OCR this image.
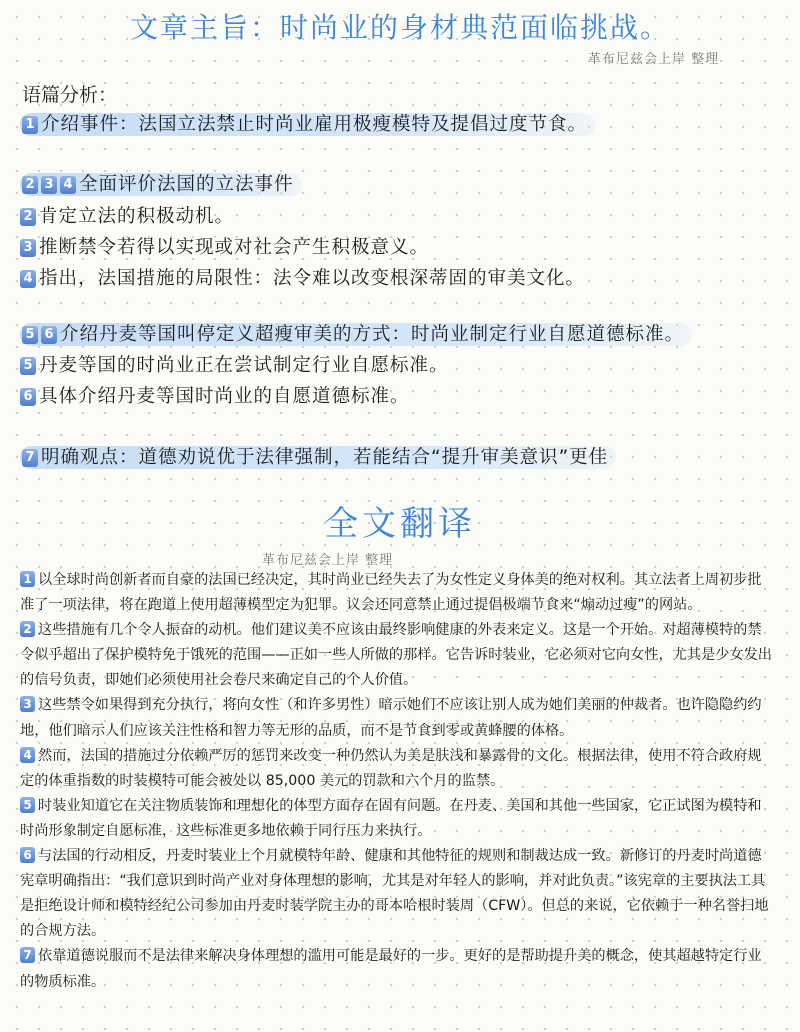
文章主旨：时尚业的身材典范面临挑战。
革布尼兹会上岸 整理
语篇分析：
1 介绍事件：法国立法禁止时尚业雇用极瘦模特及提倡过度节食。
2 3 4 全面评价法国的立法事件
2 肯定立法的积极动机。
3 推断禁令若得以实现或对社会产生积极意义。
4 指出，法国措施的局限性：法令难以改变根深蒂固的审美文化。
5 6 介绍丹麦等国叫停定义超瘦审美的方式：时尚业制定行业自愿道德标准。
5 丹麦等国的时尚业正在尝试制定行业自愿标准。
6 具体介绍丹麦等国时尚业的自愿道德标准。
7 明确观点：道德劝说优于法律强制，若能结合“提升审美意识”更佳
全文翻译
革布尼兹会上岸 整理

1 以全球时尚创新者而自豪的法国已经决定，其时尚业已经失去了为女性定义身体美的绝对权利。其立法者上周初步批准了一项法律，将在跑道上使用超薄模型定为犯罪。议会还同意禁止通过提倡极端节食来“煽动过瘦”的网站。

2 这些措施有几个令人振奋的动机。他们建议美不应该由最终影响健康的外表来定义。这是一个开始。对超薄模特的禁令似乎超出了保护模特免于饿死的范围——正如一些人所做的那样。它告诉时装业，它必须对它向女性，尤其是少女发出的信号负责，即她们必须使用社会卷尺来确定自己的个人价值。

3 这些禁令如果得到充分执行，将向女性（和许多男性）暗示她们不应该让别人成为她们美丽的仲裁者。也许隐隐约约地，他们暗示人们应该关注性格和智力等无形的品质，而不是节食到零或黄蜂腰的体格。

4 然而，法国的措施过分依赖严厉的惩罚来改变一种仍然认为美是肤浅和暴露骨的文化。根据法律，使用不符合政府规定的体重指数的时装模特可能会被处以 85,000 美元的罚款和六个月的监禁。

5 时装业知道它在关注物质装饰和理想化的体型方面存在固有问题。在丹麦、美国和其他一些国家，它正试图为模特和时尚形象制定自愿标准，这些标准更多地依赖于同行压力来执行。

6 与法国的行动相反，丹麦时装业上个月就模特年龄、健康和其他特征的规则和制裁达成一致。新修订的丹麦时尚道德宪章明确指出：“我们意识到时尚产业对身体理想的影响，尤其是对年轻人的影响，并对此负责。”该宪章的主要执法工具是拒绝设计师和模特经纪公司参加由丹麦时装学院主办的哥本哈根时装周（CFW）。但总的来说，它依赖于一种名誉扫地的合规方法。

7 依靠道德说服而不是法律来解决身体理想的滥用可能是最好的一步。更好的是帮助提升美的概念，使其超越特定行业的物质标准。
